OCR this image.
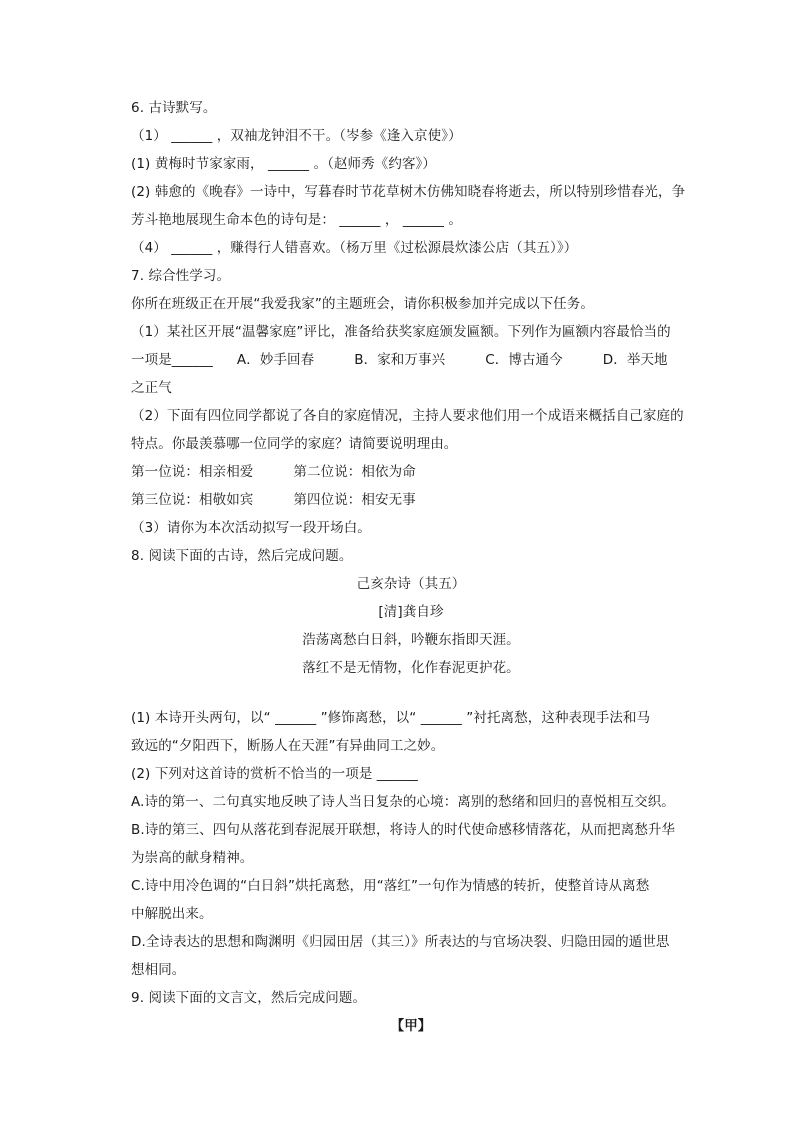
6. 古诗默写。
（1） ______ ，双袖龙钟泪不干。（岑参《逢入京使》）
(1) 黄梅时节家家雨， ______ 。（赵师秀《约客》）
(2) 韩愈的《晚春》一诗中，写暮春时节花草树木仿佛知晓春将逝去，所以特别珍惜春光，争
芳斗艳地展现生命本色的诗句是： ______ ， ______ 。
（4） ______ ，赚得行人错喜欢。（杨万里《过松源晨炊漆公店（其五）》）
7. 综合性学习。
你所在班级正在开展“我爱我家”的主题班会，请你积极参加并完成以下任务。
（1）某社区开展“温馨家庭”评比，准备给获奖家庭颁发匾额。下列作为匾额内容最恰当的
一项是______ A．妙手回春	B．家和万事兴	C．博古通今	D．举天地
之正气
（2）下面有四位同学都说了各自的家庭情况，主持人要求他们用一个成语来概括自己家庭的
特点。你最羡慕哪一位同学的家庭？请简要说明理由。
第一位说：相亲相爱	第二位说：相依为命
第三位说：相敬如宾	第四位说：相安无事
（3）请你为本次活动拟写一段开场白。
8. 阅读下面的古诗，然后完成问题。
己亥杂诗（其五）
[清]龚自珍
浩荡离愁白日斜，吟鞭东指即天涯。
落红不是无情物，化作春泥更护花。
(1) 本诗开头两句，以“ ______ ”修饰离愁，以“ ______ ”衬托离愁，这种表现手法和马
致远的“夕阳西下，断肠人在天涯”有异曲同工之妙。
(2) 下列对这首诗的赏析不恰当的一项是 ______
A.诗的第一、二句真实地反映了诗人当日复杂的心境：离别的愁绪和回归的喜悦相互交织。
B.诗的第三、四句从落花到春泥展开联想，将诗人的时代使命感移情落花，从而把离愁升华
为崇高的献身精神。
C.诗中用冷色调的“白日斜”烘托离愁，用“落红”一句作为情感的转折，使整首诗从离愁
中解脱出来。
D.全诗表达的思想和陶渊明《归园田居（其三）》所表达的与官场决裂、归隐田园的遁世思
想相同。
9. 阅读下面的文言文，然后完成问题。
【甲】
